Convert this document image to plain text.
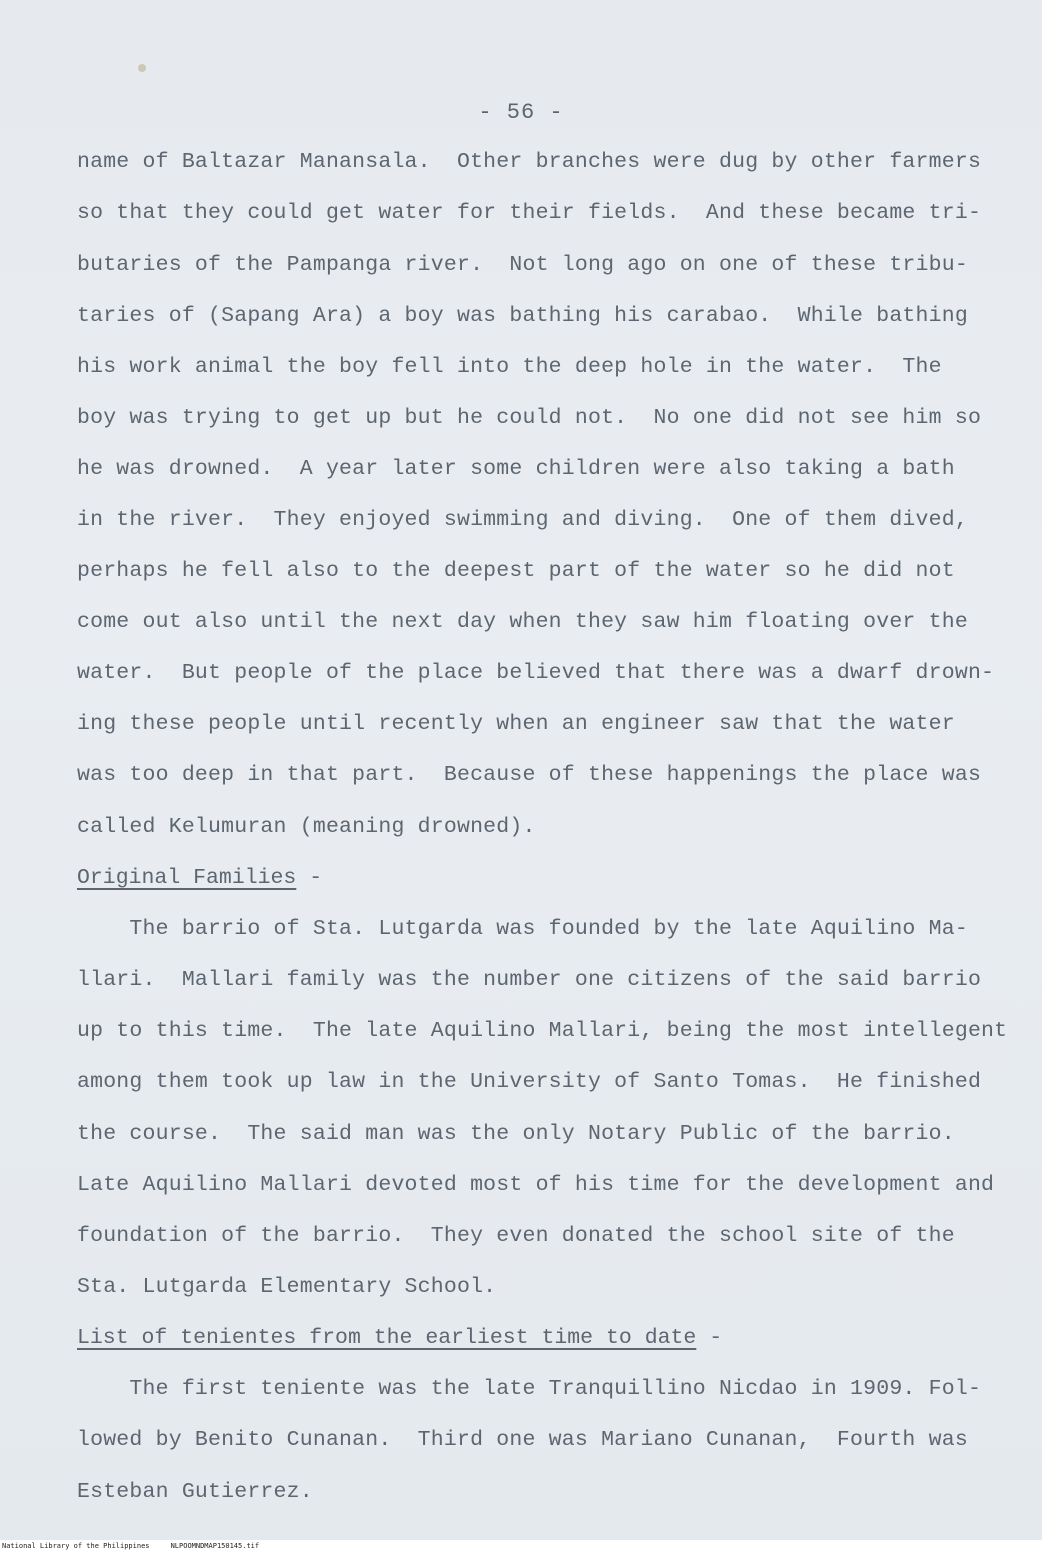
- 56 -
name of Baltazar Manansala.  Other branches were dug by other farmers
so that they could get water for their fields.  And these became tri-
butaries of the Pampanga river.  Not long ago on one of these tribu-
taries of (Sapang Ara) a boy was bathing his carabao.  While bathing
his work animal the boy fell into the deep hole in the water.  The
boy was trying to get up but he could not.  No one did not see him so
he was drowned.  A year later some children were also taking a bath
in the river.  They enjoyed swimming and diving.  One of them dived,
perhaps he fell also to the deepest part of the water so he did not
come out also until the next day when they saw him floating over the
water.  But people of the place believed that there was a dwarf drown-
ing these people until recently when an engineer saw that the water
was too deep in that part.  Because of these happenings the place was
called Kelumuran (meaning drowned).
Original Families -
The barrio of Sta. Lutgarda was founded by the late Aquilino Ma-
llari.  Mallari family was the number one citizens of the said barrio
up to this time.  The late Aquilino Mallari, being the most intellegent
among them took up law in the University of Santo Tomas.  He finished
the course.  The said man was the only Notary Public of the barrio.
Late Aquilino Mallari devoted most of his time for the development and
foundation of the barrio.  They even donated the school site of the
Sta. Lutgarda Elementary School.
List of tenientes from the earliest time to date -
The first teniente was the late Tranquillino Nicdao in 1909. Fol-
lowed by Benito Cunanan.  Third one was Mariano Cunanan,  Fourth was
Esteban Gutierrez.
National Library of the Philippines	NLPOOMNDMAP150145.tif
